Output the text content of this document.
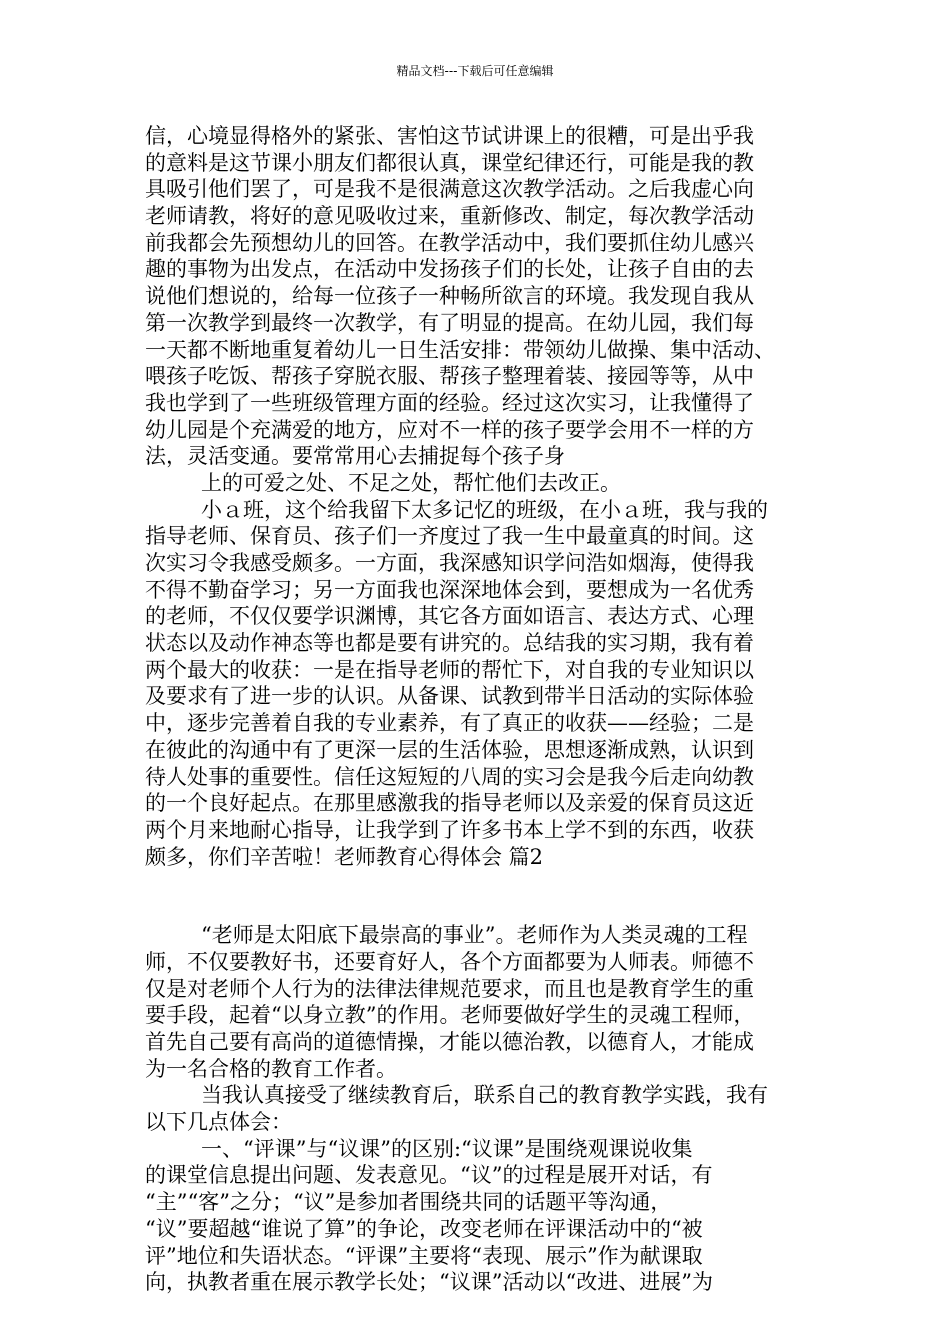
精品文档---下载后可任意编辑
信，心境显得格外的紧张、害怕这节试讲课上的很糟，可是出乎我
的意料是这节课小朋友们都很认真，课堂纪律还行，可能是我的教
具吸引他们罢了，可是我不是很满意这次教学活动。之后我虚心向
老师请教，将好的意见吸收过来，重新修改、制定，每次教学活动
前我都会先预想幼儿的回答。在教学活动中，我们要抓住幼儿感兴
趣的事物为出发点，在活动中发扬孩子们的长处，让孩子自由的去
说他们想说的，给每一位孩子一种畅所欲言的环境。我发现自我从
第一次教学到最终一次教学，有了明显的提高。在幼儿园，我们每
一天都不断地重复着幼儿一日生活安排：带领幼儿做操、集中活动、
喂孩子吃饭、帮孩子穿脱衣服、帮孩子整理着装、接园等等，从中
我也学到了一些班级管理方面的经验。经过这次实习，让我懂得了
幼儿园是个充满爱的地方，应对不一样的孩子要学会用不一样的方
法，灵活变通。要常常用心去捕捉每个孩子身
上的可爱之处、不足之处，帮忙他们去改正。
小ａ班，这个给我留下太多记忆的班级，在小ａ班，我与我的
指导老师、保育员、孩子们一齐度过了我一生中最童真的时间。这
次实习令我感受颇多。一方面，我深感知识学问浩如烟海，使得我
不得不勤奋学习；另一方面我也深深地体会到，要想成为一名优秀
的老师，不仅仅要学识渊博，其它各方面如语言、表达方式、心理
状态以及动作神态等也都是要有讲究的。总结我的实习期，我有着
两个最大的收获：一是在指导老师的帮忙下，对自我的专业知识以
及要求有了进一步的认识。从备课、试教到带半日活动的实际体验
中，逐步完善着自我的专业素养，有了真正的收获——经验；二是
在彼此的沟通中有了更深一层的生活体验，思想逐渐成熟，认识到
待人处事的重要性。信任这短短的八周的实习会是我今后走向幼教
的一个良好起点。在那里感激我的指导老师以及亲爱的保育员这近
两个月来地耐心指导，让我学到了许多书本上学不到的东西，收获
颇多，你们辛苦啦！老师教育心得体会 篇2
“老师是太阳底下最崇高的事业”。老师作为人类灵魂的工程
师，不仅要教好书，还要育好人，各个方面都要为人师表。师德不
仅是对老师个人行为的法律法律规范要求，而且也是教育学生的重
要手段，起着“以身立教”的作用。老师要做好学生的灵魂工程师，
首先自己要有高尚的道德情操，才能以德治教，以德育人，才能成
为一名合格的教育工作者。
当我认真接受了继续教育后，联系自己的教育教学实践，我有
以下几点体会：
一、“评课”与“议课”的区别:“议课”是围绕观课说收集
的课堂信息提出问题、发表意见。“议”的过程是展开对话，有
“主”“客”之分；“议”是参加者围绕共同的话题平等沟通，
“议”要超越“谁说了算”的争论，改变老师在评课活动中的“被
评”地位和失语状态。“评课”主要将“表现、展示”作为献课取
向，执教者重在展示教学长处；“议课”活动以“改进、进展”为
